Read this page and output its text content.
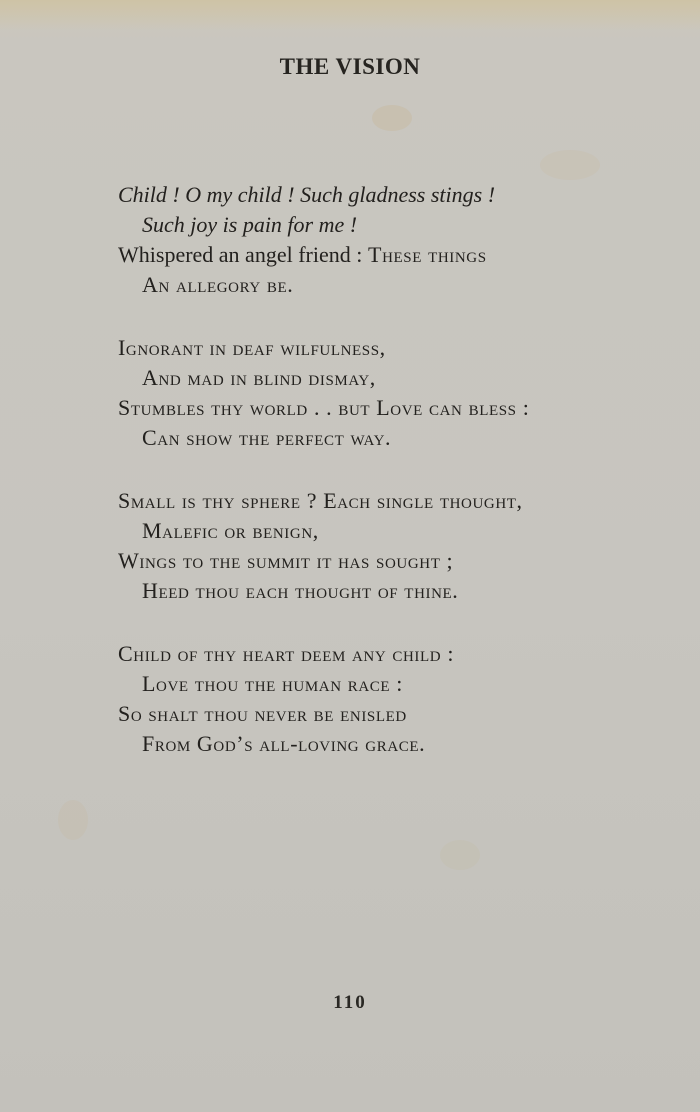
THE VISION
Child ! O my child ! Such gladness stings !
Such joy is pain for me !
Whispered an angel friend : These things
An allegory be.
Ignorant in deaf wilfulness,
And mad in blind dismay,
Stumbles thy world . . but Love can bless :
Can show the perfect way.
Small is thy sphere ? Each single thought,
Malefic or benign,
Wings to the summit it has sought ;
Heed thou each thought of thine.
Child of thy heart deem any child :
Love thou the human race :
So shalt thou never be enisled
From God’s all-loving grace.
110
